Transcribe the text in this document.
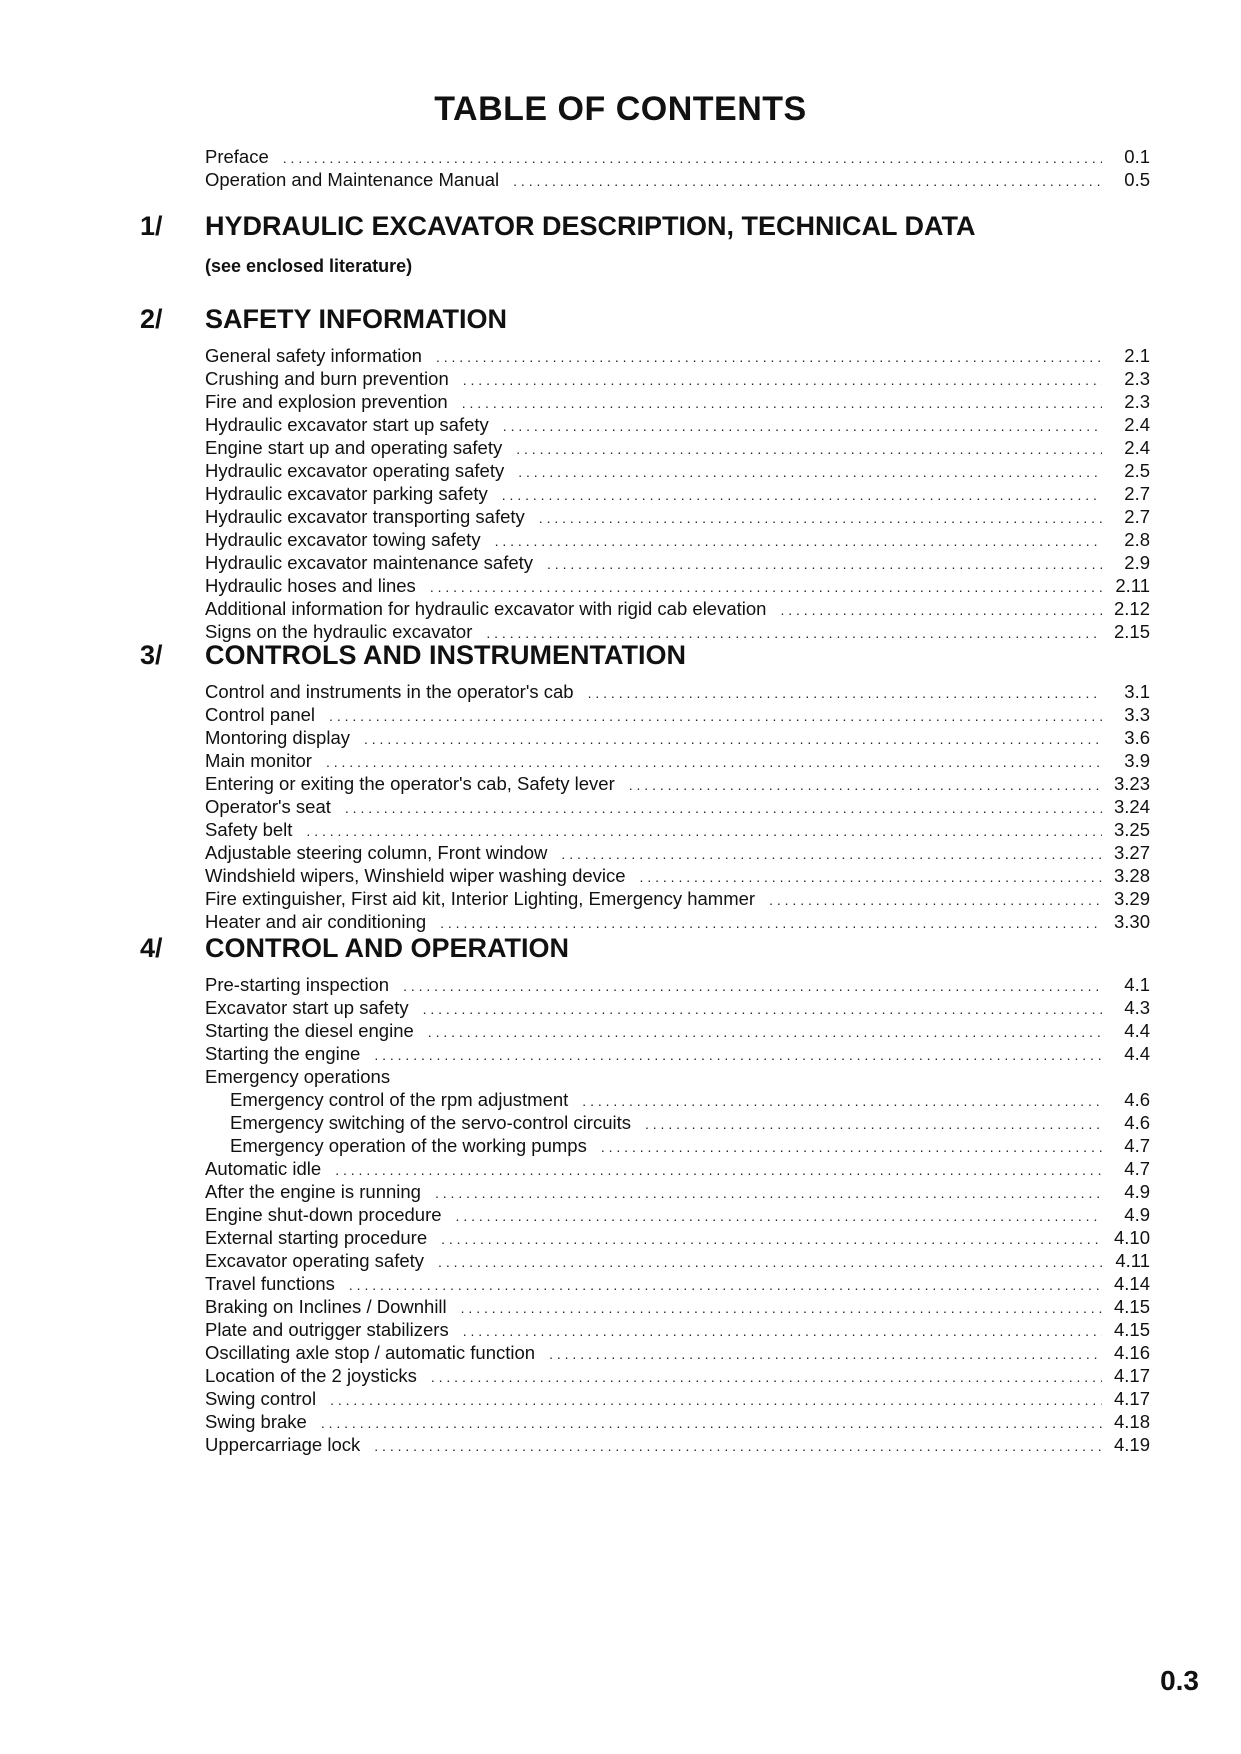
TABLE OF CONTENTS
Preface . . .	0.1
Operation and Maintenance Manual . . .	0.5
1/ HYDRAULIC EXCAVATOR DESCRIPTION, TECHNICAL DATA
(see enclosed literature)
2/ SAFETY INFORMATION
General safety information . . .	2.1
Crushing and burn prevention . . .	2.3
Fire and explosion prevention . . .	2.3
Hydraulic excavator start up safety . . .	2.4
Engine start up and operating safety . . .	2.4
Hydraulic excavator operating safety . . .	2.5
Hydraulic excavator parking safety . . .	2.7
Hydraulic excavator transporting safety . . .	2.7
Hydraulic excavator towing safety . . .	2.8
Hydraulic excavator maintenance safety . . .	2.9
Hydraulic hoses and lines . . .	2.11
Additional information for hydraulic excavator with rigid cab elevation . . .	2.12
Signs on the hydraulic excavator . . .	2.15
3/ CONTROLS AND INSTRUMENTATION
Control and instruments in the operator's cab . . .	3.1
Control panel . . .	3.3
Montoring display . . .	3.6
Main monitor . . .	3.9
Entering or exiting the operator's cab, Safety lever . . .	3.23
Operator's seat . . .	3.24
Safety belt . . .	3.25
Adjustable steering column, Front window . . .	3.27
Windshield wipers, Winshield wiper washing device . . .	3.28
Fire extinguisher, First aid kit, Interior Lighting, Emergency hammer . . .	3.29
Heater and air conditioning . . .	3.30
4/ CONTROL AND OPERATION
Pre-starting inspection . . .	4.1
Excavator start up safety . . .	4.3
Starting the diesel engine . . .	4.4
Starting the engine . . .	4.4
Emergency operations
Emergency control of the rpm adjustment . . .	4.6
Emergency switching of the servo-control circuits . . .	4.6
Emergency operation of the working pumps . . .	4.7
Automatic idle . . .	4.7
After the engine is running . . .	4.9
Engine shut-down procedure . . .	4.9
External starting procedure . . .	4.10
Excavator operating safety . . .	4.11
Travel functions . . .	4.14
Braking on Inclines / Downhill . . .	4.15
Plate and outrigger stabilizers . . .	4.15
Oscillating axle stop / automatic function . . .	4.16
Location of the 2 joysticks . . .	4.17
Swing control . . .	4.17
Swing brake . . .	4.18
Uppercarriage lock . . .	4.19
0.3
